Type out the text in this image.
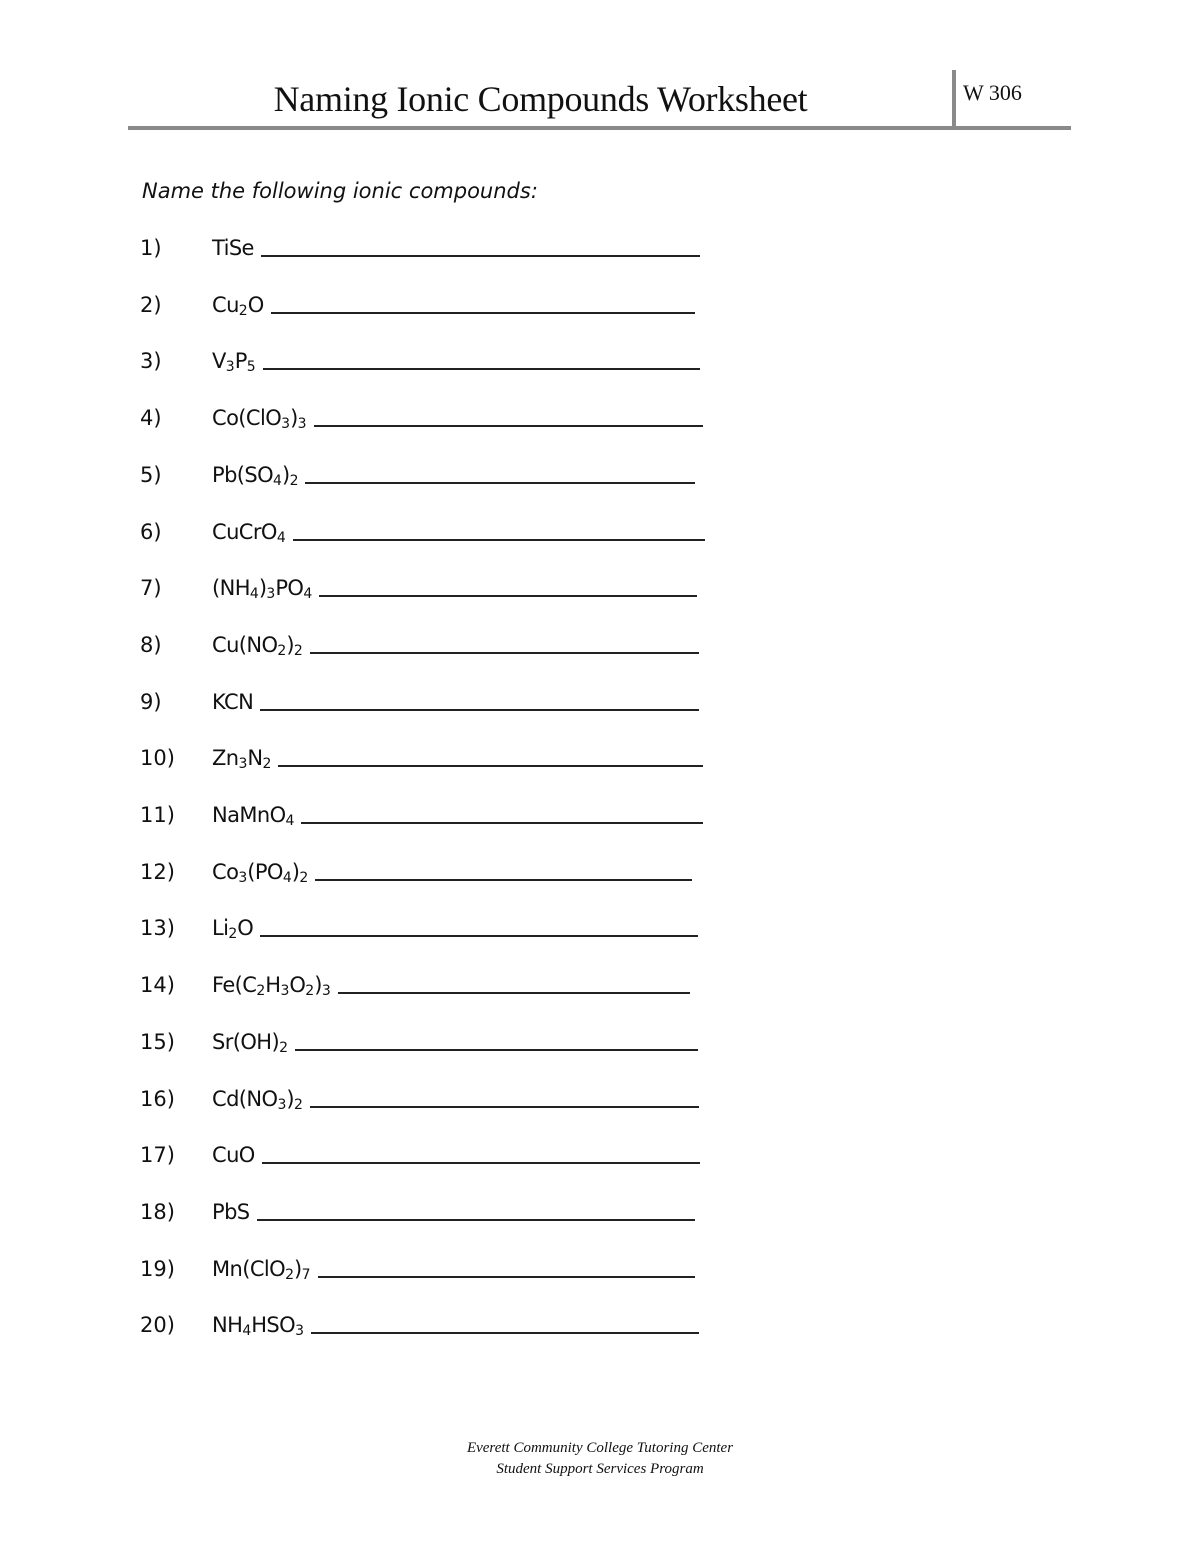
Naming Ionic Compounds Worksheet	W 306
Name the following ionic compounds:
1)	TiSe
2)	$Cu_2O$
3)	$V_3P_5$
4)	$Co(ClO_3)_3$
5)	$Pb(SO_4)_2$
6)	CuCrO$_4$
7)	$(NH_4)_3PO_4$
8)	$Cu(NO_2)_2$
9)	KCN
10)	$Zn_3N_2$
11)	NaMnO$_4$
12)	$Co_3(PO_4)_2$
13)	$Li_2O$
14)	$Fe(C_2H_3O_2)_3$
15)	$Sr(OH)_2$
16)	$Cd(NO_3)_2$
17)	CuO
18)	PbS
19)	$Mn(ClO_2)_7$
20)	$NH_4HSO_3$
Everett Community College Tutoring Center
Student Support Services Program
